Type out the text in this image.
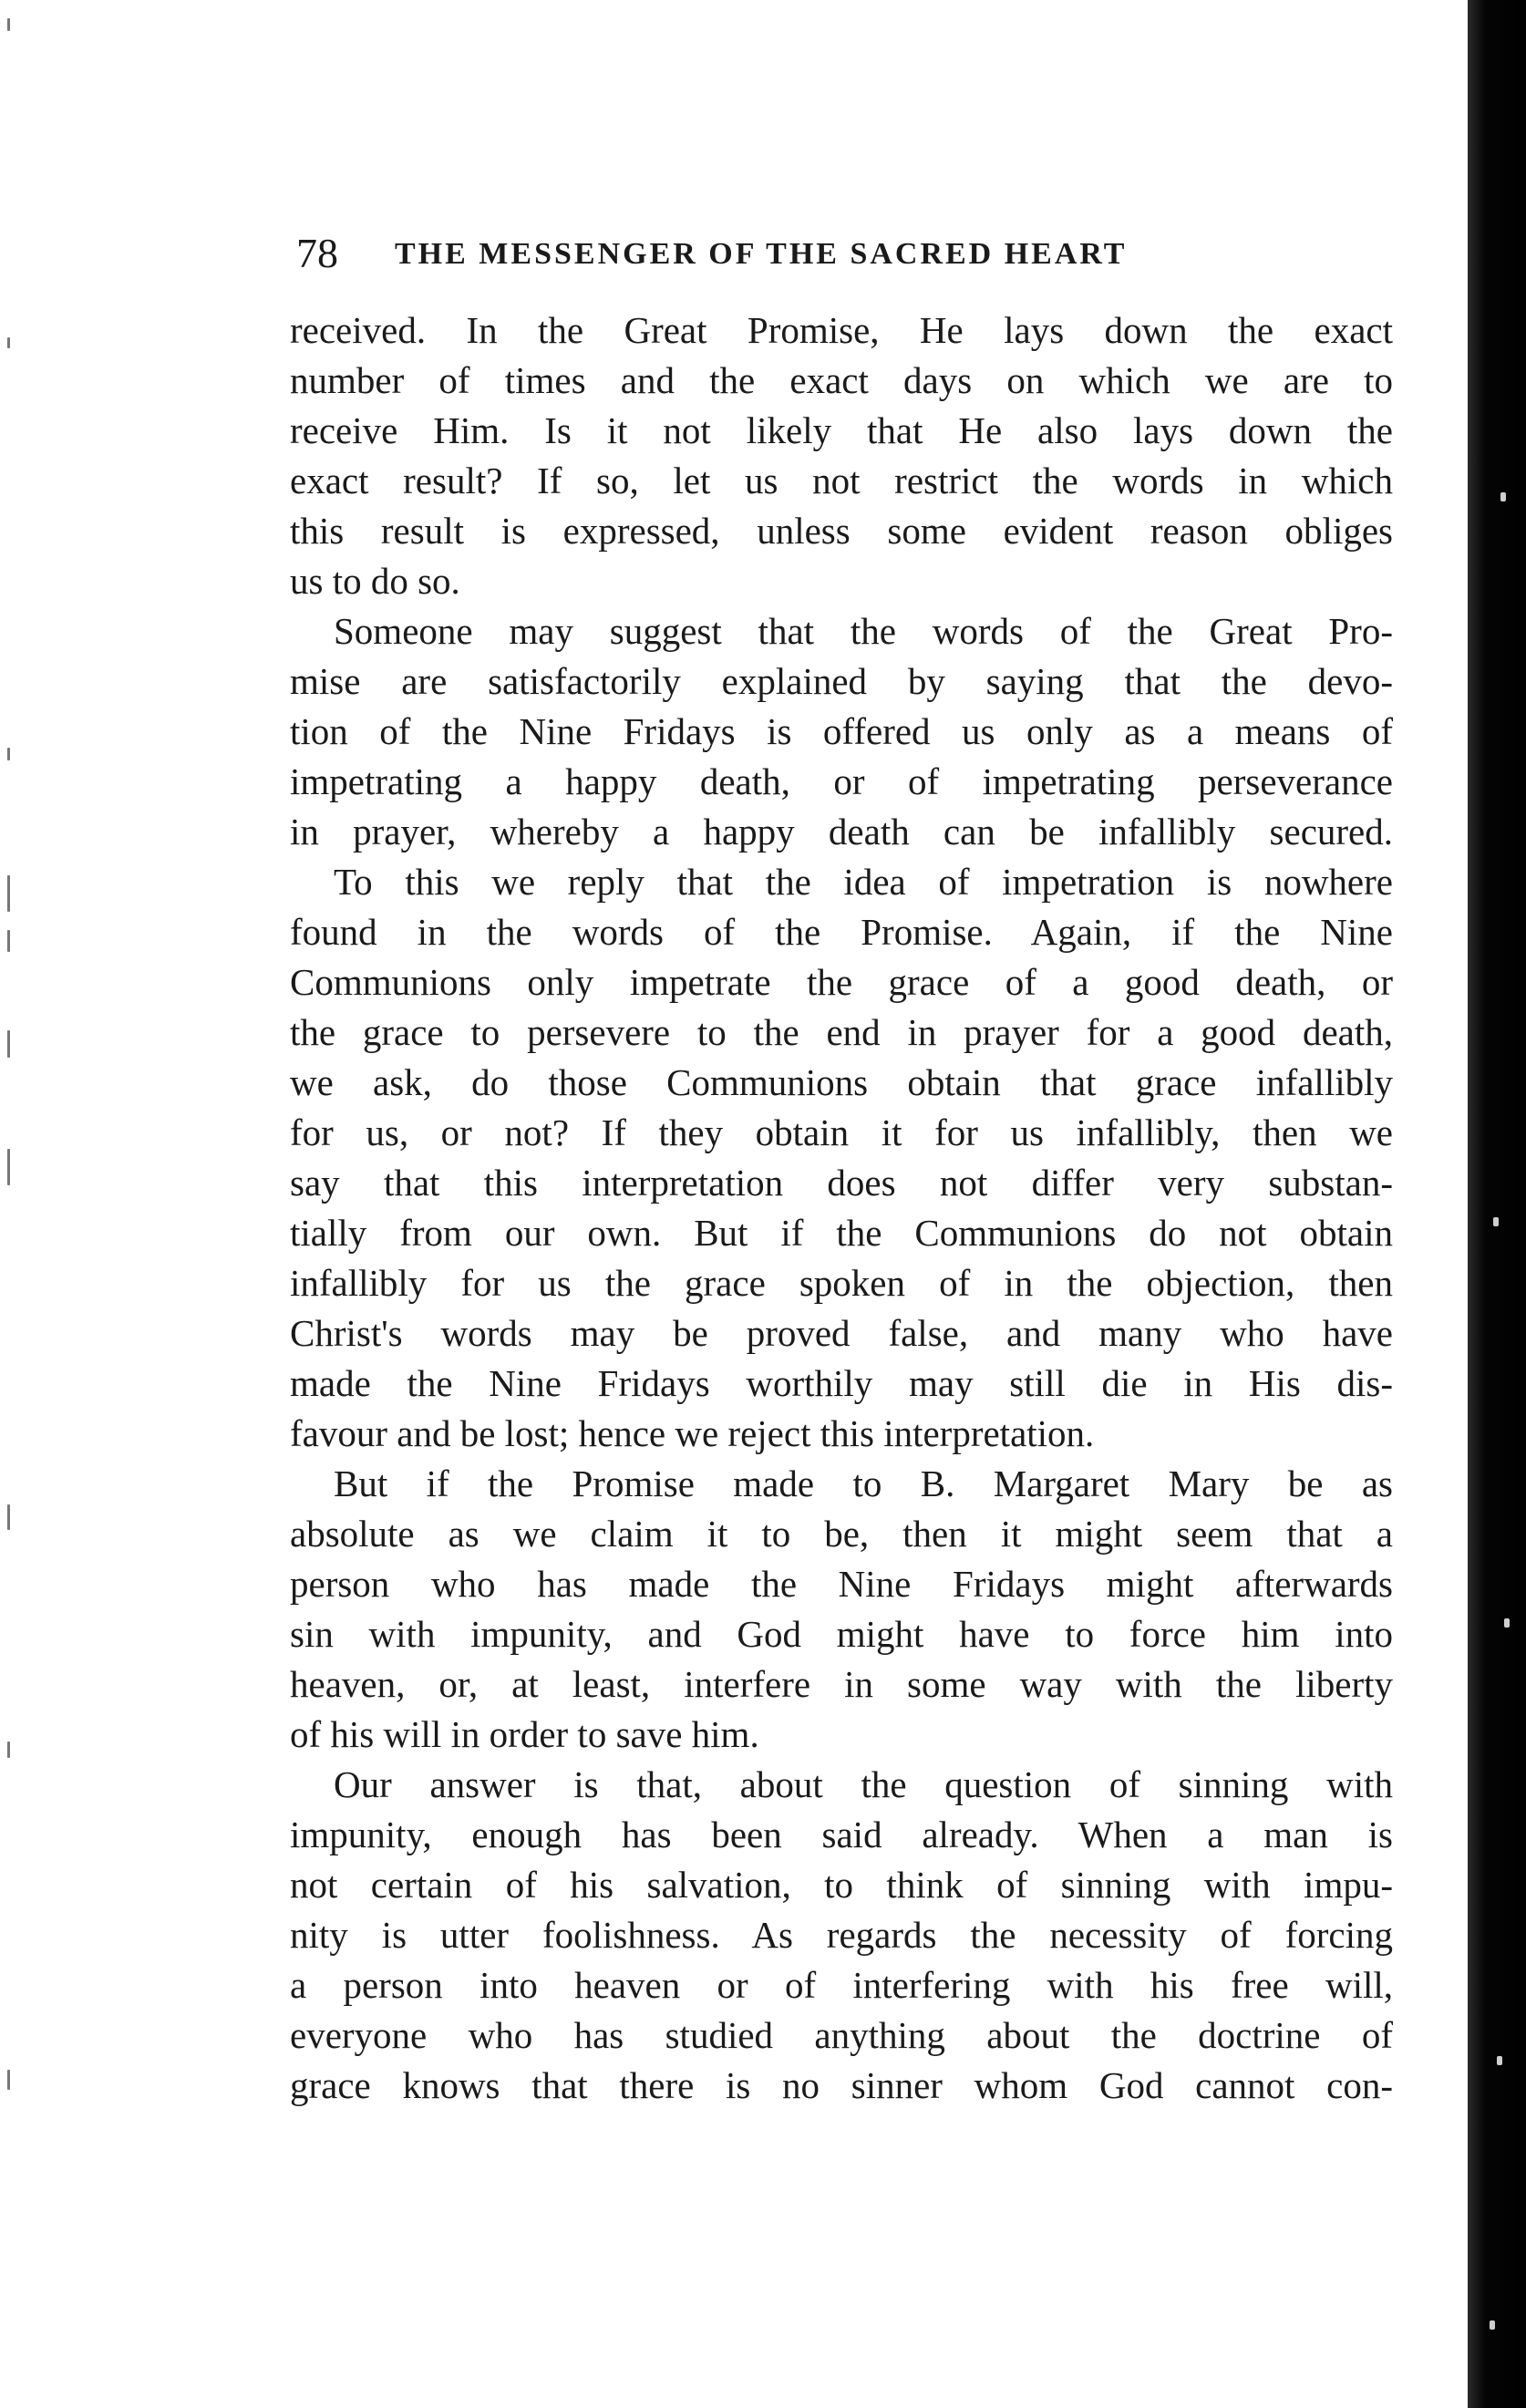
78 THE MESSENGER OF THE SACRED HEART
received. In the Great Promise, He lays down the exact
number of times and the exact days on which we are to
receive Him. Is it not likely that He also lays down the
exact result? If so, let us not restrict the words in which
this result is expressed, unless some evident reason obliges
us to do so.
Someone may suggest that the words of the Great Pro-
mise are satisfactorily explained by saying that the devo-
tion of the Nine Fridays is offered us only as a means of
impetrating a happy death, or of impetrating perseverance
in prayer, whereby a happy death can be infallibly secured.
To this we reply that the idea of impetration is nowhere
found in the words of the Promise. Again, if the Nine
Communions only impetrate the grace of a good death, or
the grace to persevere to the end in prayer for a good death,
we ask, do those Communions obtain that grace infallibly
for us, or not? If they obtain it for us infallibly, then we
say that this interpretation does not differ very substan-
tially from our own. But if the Communions do not obtain
infallibly for us the grace spoken of in the objection, then
Christ's words may be proved false, and many who have
made the Nine Fridays worthily may still die in His dis-
favour and be lost; hence we reject this interpretation.
But if the Promise made to B. Margaret Mary be as
absolute as we claim it to be, then it might seem that a
person who has made the Nine Fridays might afterwards
sin with impunity, and God might have to force him into
heaven, or, at least, interfere in some way with the liberty
of his will in order to save him.
Our answer is that, about the question of sinning with
impunity, enough has been said already. When a man is
not certain of his salvation, to think of sinning with impu-
nity is utter foolishness. As regards the necessity of forcing
a person into heaven or of interfering with his free will,
everyone who has studied anything about the doctrine of
grace knows that there is no sinner whom God cannot con-
